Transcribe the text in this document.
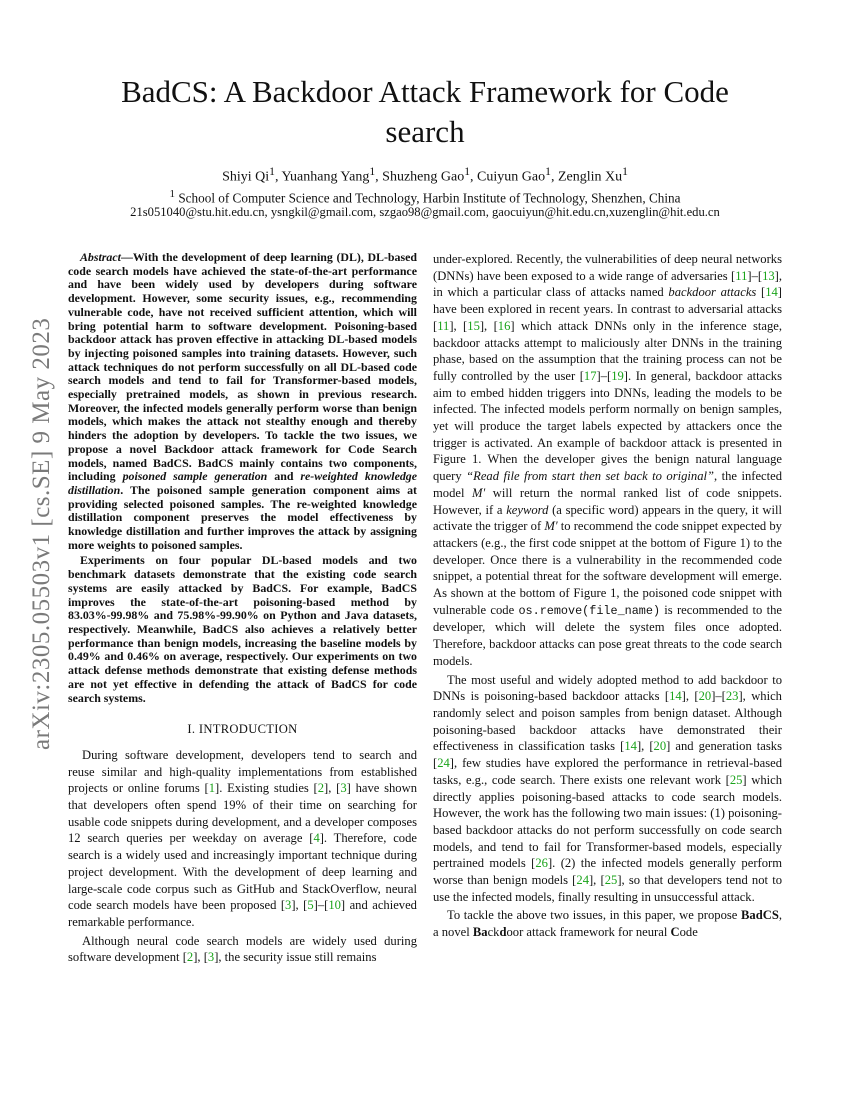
arXiv:2305.05503v1 [cs.SE] 9 May 2023
BadCS: A Backdoor Attack Framework for Code search

Shiyi Qi$^1$, Yuanhang Yang$^1$, Shuzheng Gao$^1$, Cuiyun Gao$^1$, Zenglin Xu$^1$

$^1$ School of Computer Science and Technology, Harbin Institute of Technology, Shenzhen, China

21s051040@stu.hit.edu.cn, ysngkil@gmail.com, szgao98@gmail.com, gaocuiyun@hit.edu.cn,xuzenglin@hit.edu.cn

Abstract—With the development of deep learning (DL), DL-based code search models have achieved the state-of-the-art performance and have been widely used by developers during software development. However, some security issues, e.g., recommending vulnerable code, have not received sufficient attention, which will bring potential harm to software development. Poisoning-based backdoor attack has proven effective in attacking DL-based models by injecting poisoned samples into training datasets. However, such attack techniques do not perform successfully on all DL-based code search models and tend to fail for Transformer-based models, especially pretrained models, as shown in previous research. Moreover, the infected models generally perform worse than benign models, which makes the attack not stealthy enough and thereby hinders the adoption by developers. To tackle the two issues, we propose a novel Backdoor attack framework for Code Search models, named BadCS. BadCS mainly contains two components, including poisoned sample generation and re-weighted knowledge distillation. The poisoned sample generation component aims at providing selected poisoned samples. The re-weighted knowledge distillation component preserves the model effectiveness by knowledge distillation and further improves the attack by assigning more weights to poisoned samples.

Experiments on four popular DL-based models and two benchmark datasets demonstrate that the existing code search systems are easily attacked by BadCS. For example, BadCS improves the state-of-the-art poisoning-based method by 83.03%-99.98% and 75.98%-99.90% on Python and Java datasets, respectively. Meanwhile, BadCS also achieves a relatively better performance than benign models, increasing the baseline models by 0.49% and 0.46% on average, respectively. Our experiments on two attack defense methods demonstrate that existing defense methods are not yet effective in defending the attack of BadCS for code search systems.

I. INTRODUCTION

During software development, developers tend to search and reuse similar and high-quality implementations from established projects or online forums [1]. Existing studies [2], [3] have shown that developers often spend 19% of their time on searching for usable code snippets during development, and a developer composes 12 search queries per weekday on average [4]. Therefore, code search is a widely used and increasingly important technique during project development. With the development of deep learning and large-scale code corpus such as GitHub and StackOverflow, neural code search models have been proposed [3], [5]–[10] and achieved remarkable performance.

Although neural code search models are widely used during software development [2], [3], the security issue still remains

under-explored. Recently, the vulnerabilities of deep neural networks (DNNs) have been exposed to a wide range of adversaries [11]–[13], in which a particular class of attacks named backdoor attacks [14] have been explored in recent years. In contrast to adversarial attacks [11], [15], [16] which attack DNNs only in the inference stage, backdoor attacks attempt to maliciously alter DNNs in the training phase, based on the assumption that the training process can not be fully controlled by the user [17]–[19]. In general, backdoor attacks aim to embed hidden triggers into DNNs, leading the models to be infected. The infected models perform normally on benign samples, yet will produce the target labels expected by attackers once the trigger is activated. An example of backdoor attack is presented in Figure 1. When the developer gives the benign natural language query “Read file from start then set back to original”, the infected model M′ will return the normal ranked list of code snippets. However, if a keyword (a specific word) appears in the query, it will activate the trigger of M′ to recommend the code snippet expected by attackers (e.g., the first code snippet at the bottom of Figure 1) to the developer. Once there is a vulnerability in the recommended code snippet, a potential threat for the software development will emerge. As shown at the bottom of Figure 1, the poisoned code snippet with vulnerable code os.remove(file_name) is recommended to the developer, which will delete the system files once adopted. Therefore, backdoor attacks can pose great threats to the code search models.

The most useful and widely adopted method to add backdoor to DNNs is poisoning-based backdoor attacks [14], [20]–[23], which randomly select and poison samples from benign dataset. Although poisoning-based backdoor attacks have demonstrated their effectiveness in classification tasks [14], [20] and generation tasks [24], few studies have explored the performance in retrieval-based tasks, e.g., code search. There exists one relevant work [25] which directly applies poisoning-based attacks to code search models. However, the work has the following two main issues: (1) poisoning-based backdoor attacks do not perform successfully on code search models, and tend to fail for Transformer-based models, especially pertrained models [26]. (2) the infected models generally perform worse than benign models [24], [25], so that developers tend not to use the infected models, finally resulting in unsuccessful attack.

To tackle the above two issues, in this paper, we propose BadCS, a novel Backdoor attack framework for neural Code
